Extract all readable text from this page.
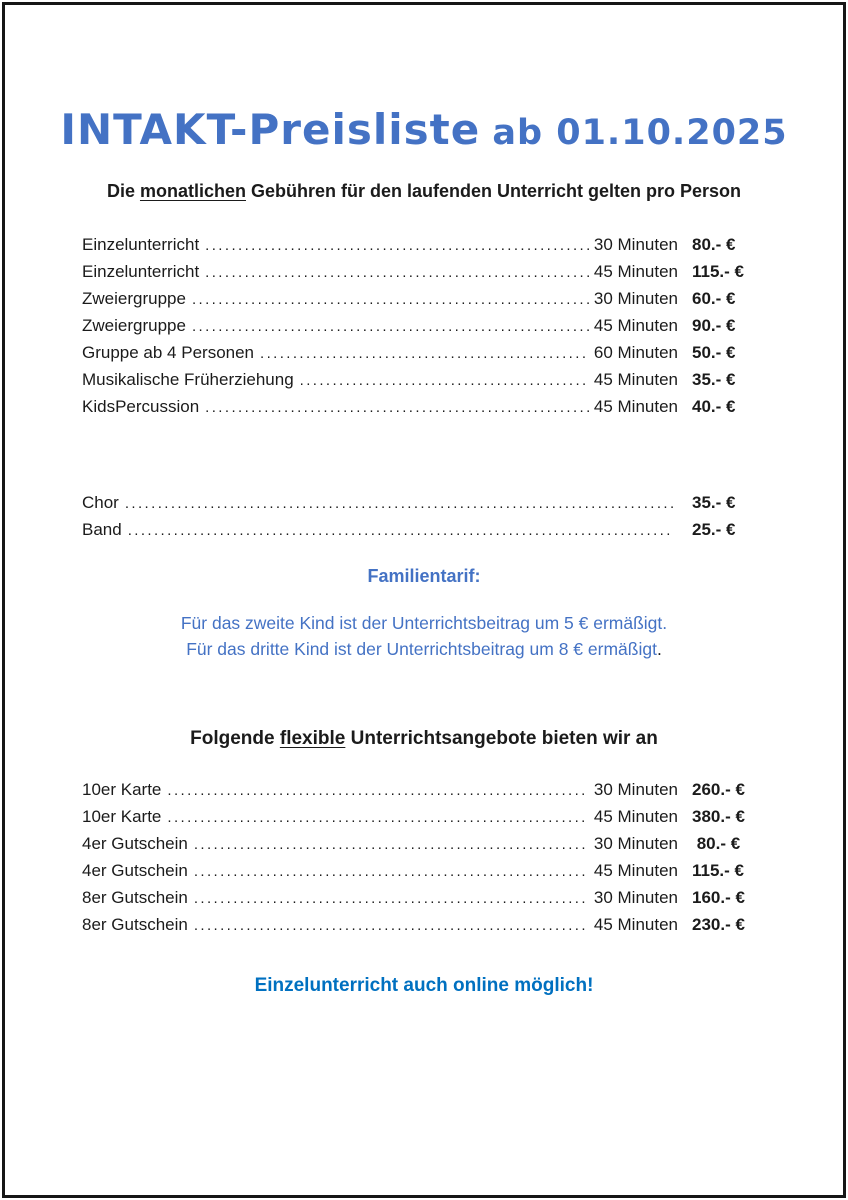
INTAKT-Preisliste ab 01.10.2025

Die monatlichen Gebühren für den laufenden Unterricht gelten pro Person

Einzelunterricht .....	30 Minuten 80.- €
Einzelunterricht .....	45 Minuten 115.- €
Zweiergruppe .....	30 Minuten 60.- €
Zweiergruppe .....	45 Minuten 90.- €
Gruppe ab 4 Personen .....	60 Minuten 50.- €
Musikalische Früherziehung .....	45 Minuten 35.- €
KidsPercussion .....	45 Minuten 40.- €
Chor .....	35.- €
Band .....	25.- €
Familientarif:

Für das zweite Kind ist der Unterrichtsbeitrag um 5 € ermäßigt.

Für das dritte Kind ist der Unterrichtsbeitrag um 8 € ermäßigt.

Folgende flexible Unterrichtsangebote bieten wir an
10er Karte .....	30 Minuten 260.- €
10er Karte .....	45 Minuten 380.- €
4er Gutschein .....	30 Minuten 80.- €
4er Gutschein .....	45 Minuten 115.- €
8er Gutschein .....	30 Minuten 160.- €
8er Gutschein .....	45 Minuten 230.- €

Einzelunterricht auch online möglich!
